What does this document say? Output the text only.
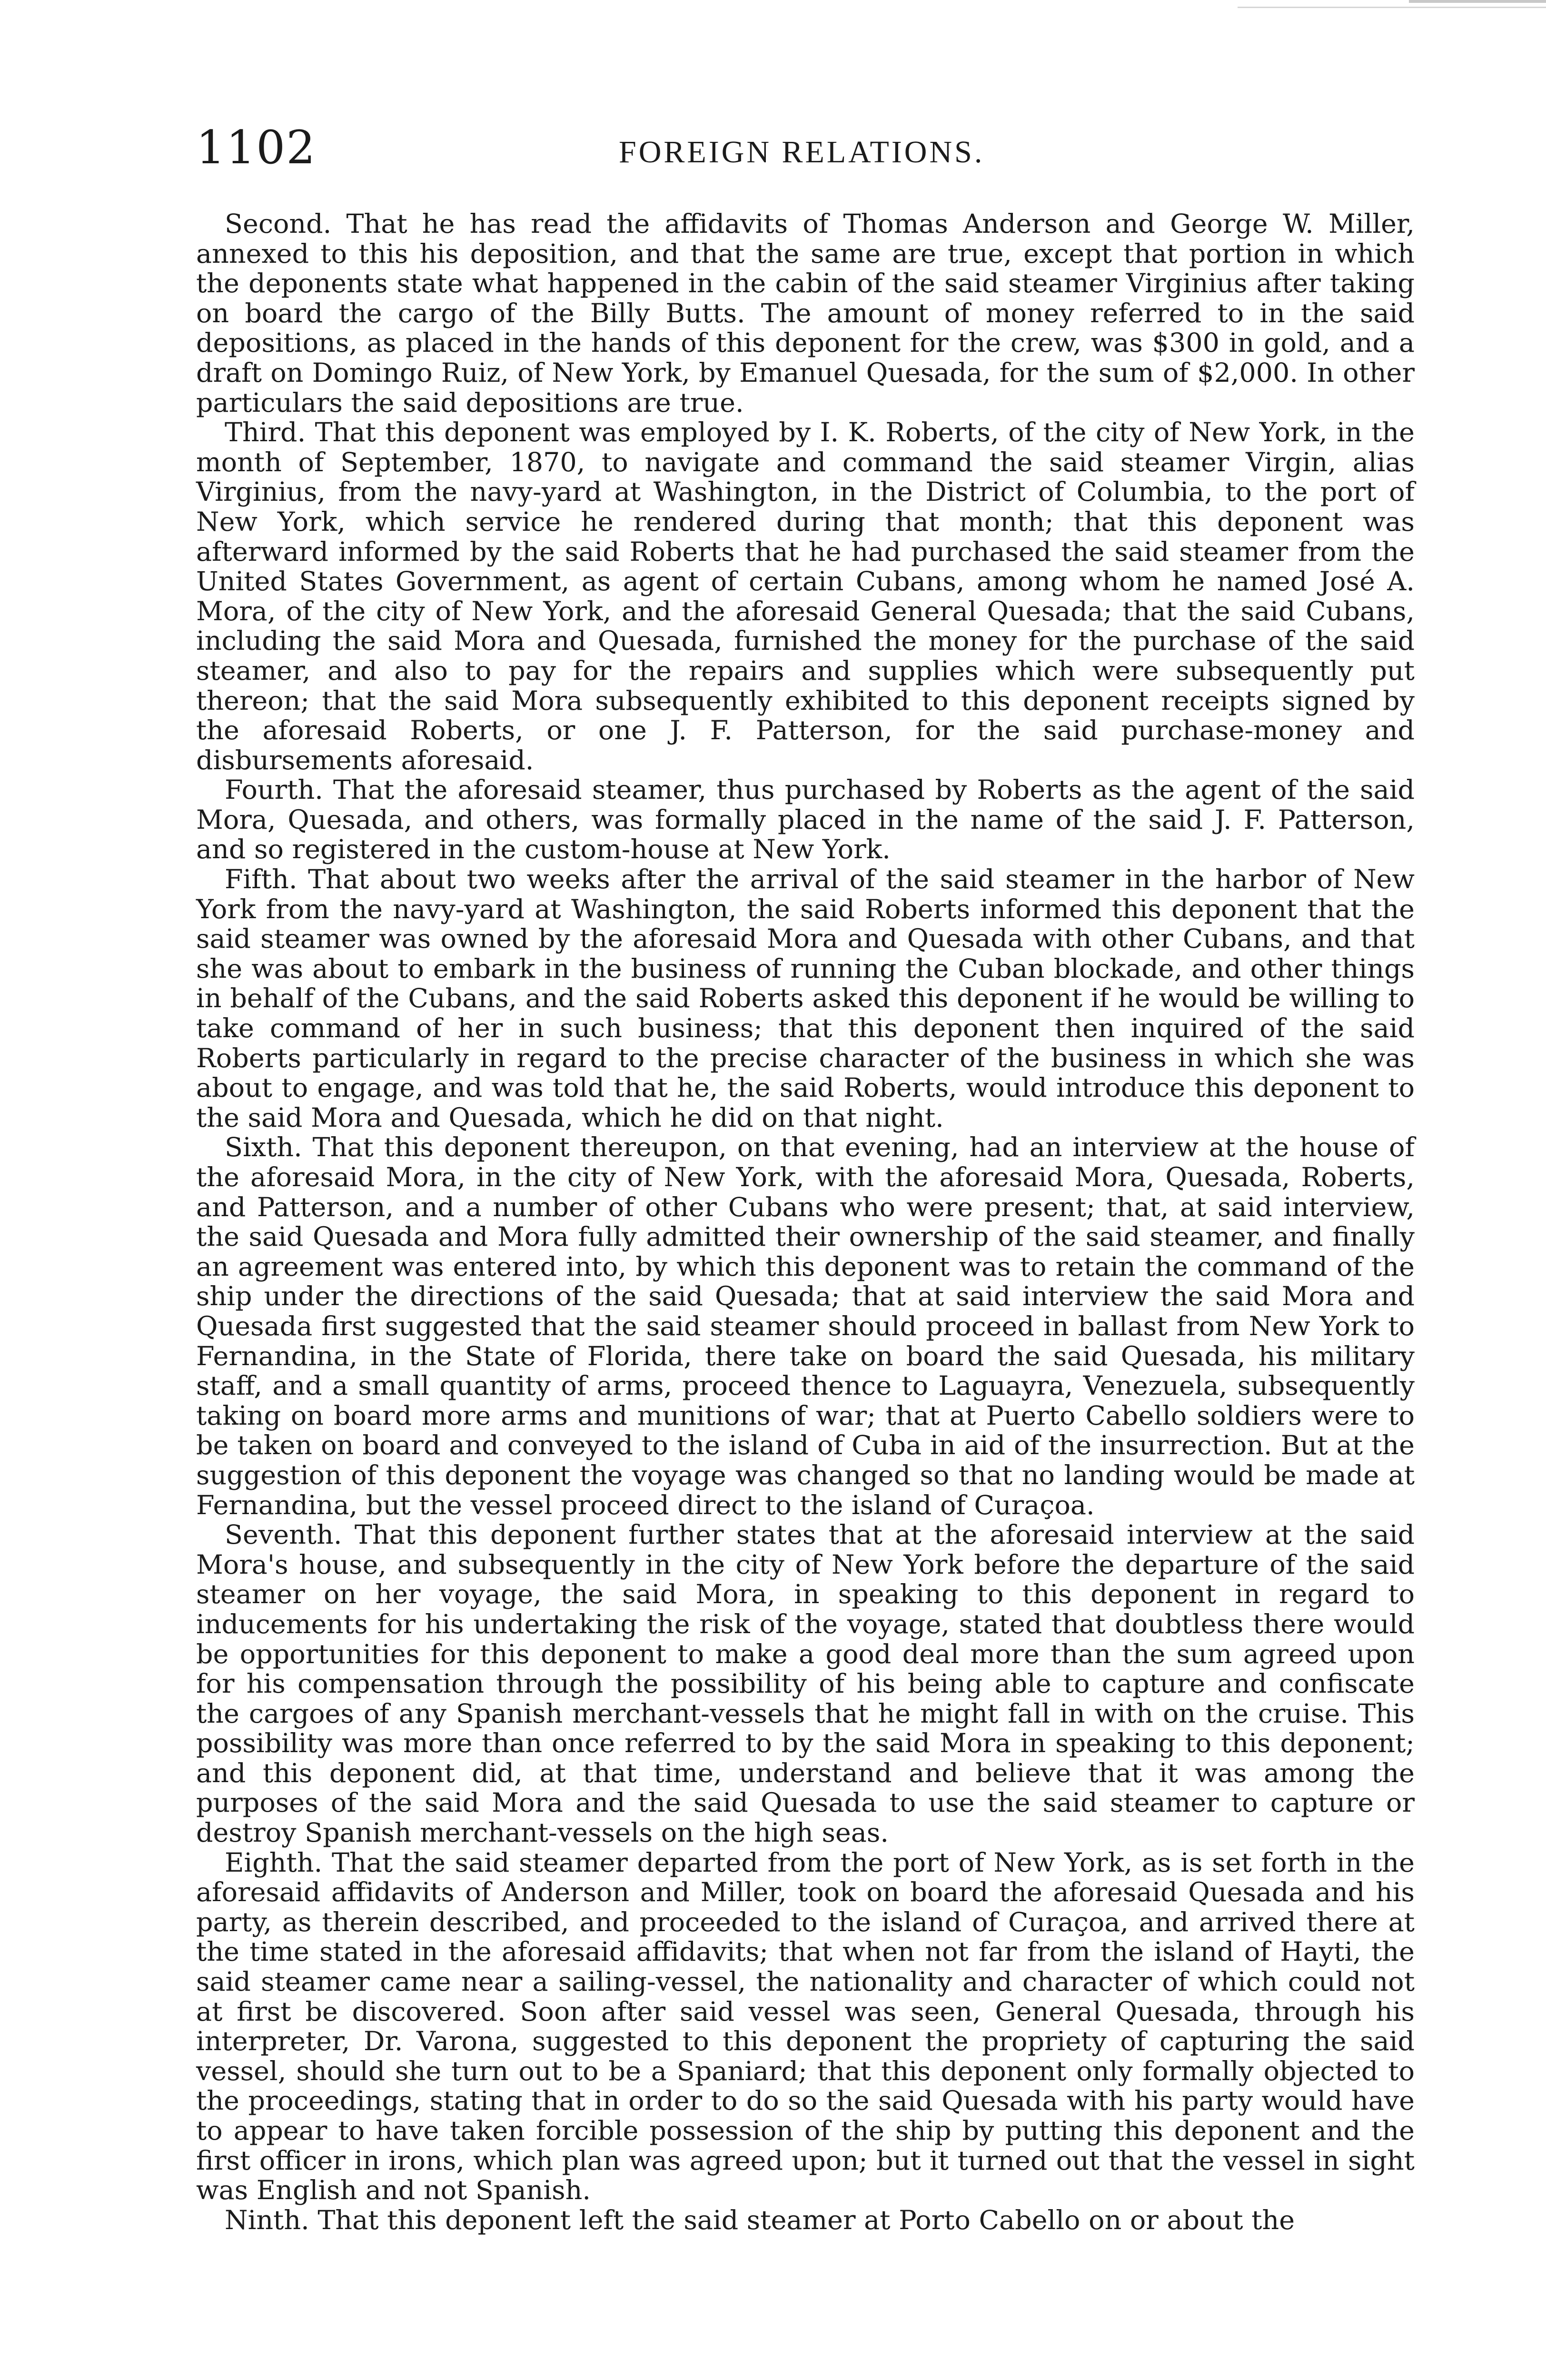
1102	FOREIGN RELATIONS.

Second. That he has read the affidavits of Thomas Anderson and George W. Miller, annexed to this his deposition, and that the same are true, except that portion in which the deponents state what happened in the cabin of the said steamer Virginius after taking on board the cargo of the Billy Butts. The amount of money referred to in the said depositions, as placed in the hands of this deponent for the crew, was $300 in gold, and a draft on Domingo Ruiz, of New York, by Emanuel Quesada, for the sum of $2,000. In other particulars the said depositions are true.

Third. That this deponent was employed by I. K. Roberts, of the city of New York, in the month of September, 1870, to navigate and command the said steamer Virgin, alias Virginius, from the navy-yard at Washington, in the District of Columbia, to the port of New York, which service he rendered during that month; that this deponent was afterward informed by the said Roberts that he had purchased the said steamer from the United States Government, as agent of certain Cubans, among whom he named José A. Mora, of the city of New York, and the aforesaid General Quesada; that the said Cubans, including the said Mora and Quesada, furnished the money for the purchase of the said steamer, and also to pay for the repairs and supplies which were subsequently put thereon; that the said Mora subsequently exhibited to this deponent receipts signed by the aforesaid Roberts, or one J. F. Patterson, for the said purchase-money and disbursements aforesaid.

Fourth. That the aforesaid steamer, thus purchased by Roberts as the agent of the said Mora, Quesada, and others, was formally placed in the name of the said J. F. Patterson, and so registered in the custom-house at New York.

Fifth. That about two weeks after the arrival of the said steamer in the harbor of New York from the navy-yard at Washington, the said Roberts informed this deponent that the said steamer was owned by the aforesaid Mora and Quesada with other Cubans, and that she was about to embark in the business of running the Cuban blockade, and other things in behalf of the Cubans, and the said Roberts asked this deponent if he would be willing to take command of her in such business; that this deponent then inquired of the said Roberts particularly in regard to the precise character of the business in which she was about to engage, and was told that he, the said Roberts, would introduce this deponent to the said Mora and Quesada, which he did on that night.

Sixth. That this deponent thereupon, on that evening, had an interview at the house of the aforesaid Mora, in the city of New York, with the aforesaid Mora, Quesada, Roberts, and Patterson, and a number of other Cubans who were present; that, at said interview, the said Quesada and Mora fully admitted their ownership of the said steamer, and finally an agreement was entered into, by which this deponent was to retain the command of the ship under the directions of the said Quesada; that at said interview the said Mora and Quesada first suggested that the said steamer should proceed in ballast from New York to Fernandina, in the State of Florida, there take on board the said Quesada, his military staff, and a small quantity of arms, proceed thence to Laguayra, Venezuela, subsequently taking on board more arms and munitions of war; that at Puerto Cabello soldiers were to be taken on board and conveyed to the island of Cuba in aid of the insurrection. But at the suggestion of this deponent the voyage was changed so that no landing would be made at Fernandina, but the vessel proceed direct to the island of Curaçoa.

Seventh. That this deponent further states that at the aforesaid interview at the said Mora's house, and subsequently in the city of New York before the departure of the said steamer on her voyage, the said Mora, in speaking to this deponent in regard to inducements for his undertaking the risk of the voyage, stated that doubtless there would be opportunities for this deponent to make a good deal more than the sum agreed upon for his compensation through the possibility of his being able to capture and confiscate the cargoes of any Spanish merchant-vessels that he might fall in with on the cruise. This possibility was more than once referred to by the said Mora in speaking to this deponent; and this deponent did, at that time, understand and believe that it was among the purposes of the said Mora and the said Quesada to use the said steamer to capture or destroy Spanish merchant-vessels on the high seas.

Eighth. That the said steamer departed from the port of New York, as is set forth in the aforesaid affidavits of Anderson and Miller, took on board the aforesaid Quesada and his party, as therein described, and proceeded to the island of Curaçoa, and arrived there at the time stated in the aforesaid affidavits; that when not far from the island of Hayti, the said steamer came near a sailing-vessel, the nationality and character of which could not at first be discovered. Soon after said vessel was seen, General Quesada, through his interpreter, Dr. Varona, suggested to this deponent the propriety of capturing the said vessel, should she turn out to be a Spaniard; that this deponent only formally objected to the proceedings, stating that in order to do so the said Quesada with his party would have to appear to have taken forcible possession of the ship by putting this deponent and the first officer in irons, which plan was agreed upon; but it turned out that the vessel in sight was English and not Spanish.

Ninth. That this deponent left the said steamer at Porto Cabello on or about the
